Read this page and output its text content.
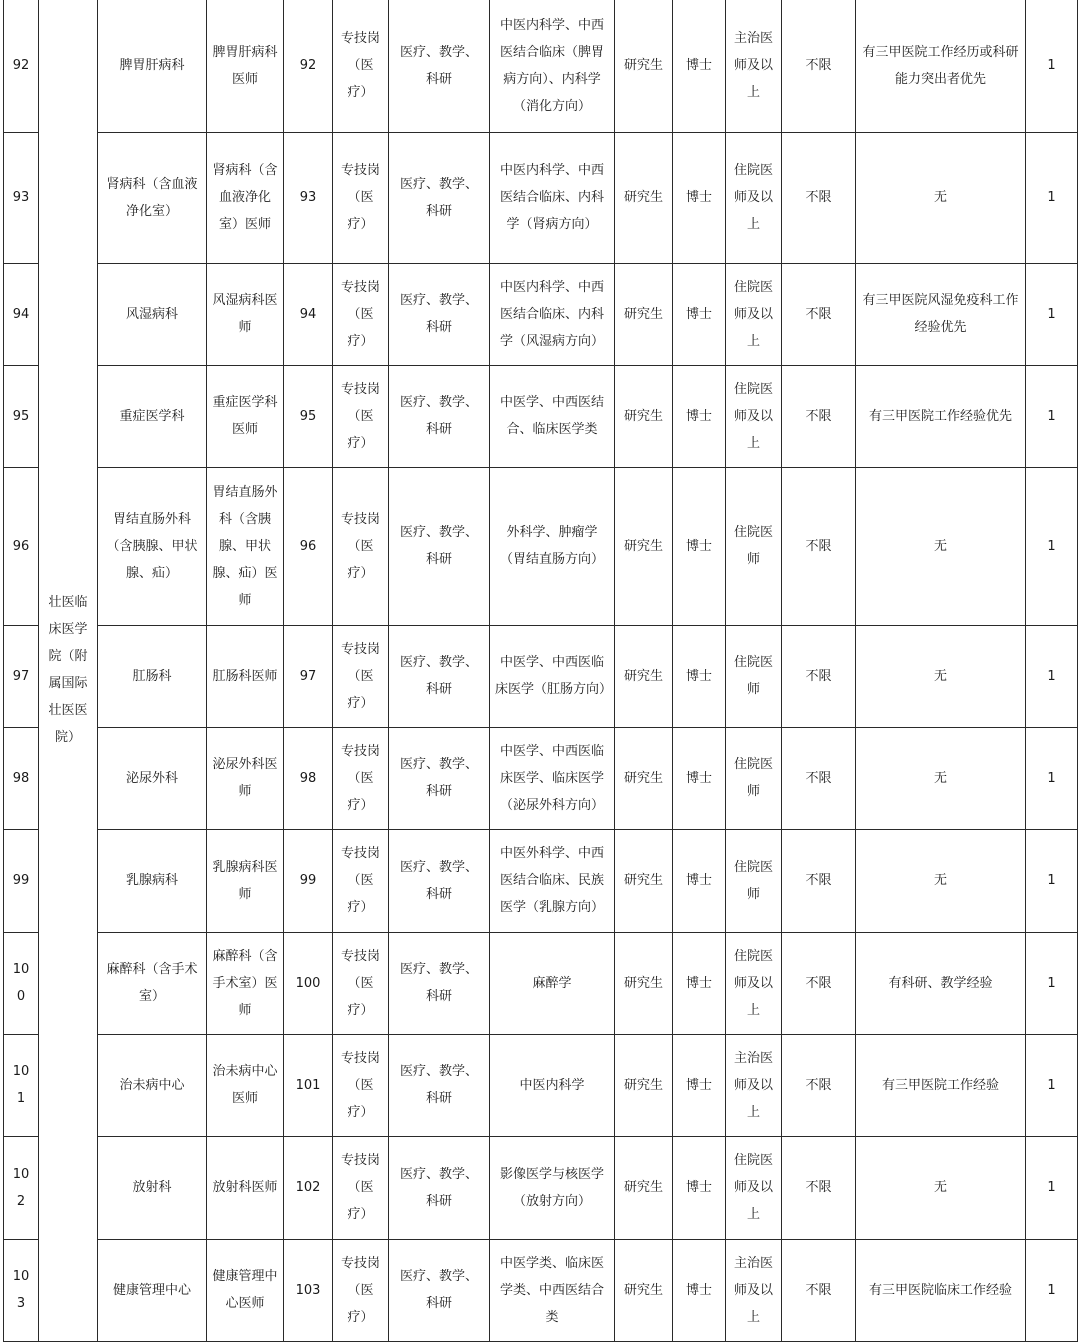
92	壮医临床医学院（附属国际壮医医院）	脾胃肝病科	脾胃肝病科医师	92	专技岗（医疗）	医疗、教学、科研	中医内科学、中西医结合临床（脾胃病方向）、内科学（消化方向）	研究生	博士	主治医师及以上	不限	有三甲医院工作经历或科研能力突出者优先	1
93		肾病科（含血液净化室）	肾病科（含血液净化室）医师	93	专技岗（医疗）	医疗、教学、科研	中医内科学、中西医结合临床、内科学（肾病方向）	研究生	博士	住院医师及以上	不限	无	1
94		风湿病科	风湿病科医师	94	专技岗（医疗）	医疗、教学、科研	中医内科学、中西医结合临床、内科学（风湿病方向）	研究生	博士	住院医师及以上	不限	有三甲医院风湿免疫科工作经验优先	1
95		重症医学科	重症医学科医师	95	专技岗（医疗）	医疗、教学、科研	中医学、中西医结合、临床医学类	研究生	博士	住院医师及以上	不限	有三甲医院工作经验优先	1
96		胃结直肠外科（含胰腺、甲状腺、疝）	胃结直肠外科（含胰腺、甲状腺、疝）医师	96	专技岗（医疗）	医疗、教学、科研	外科学、肿瘤学（胃结直肠方向）	研究生	博士	住院医师	不限	无	1
97		肛肠科	肛肠科医师	97	专技岗（医疗）	医疗、教学、科研	中医学、中西医临床医学（肛肠方向）	研究生	博士	住院医师	不限	无	1
98		泌尿外科	泌尿外科医师	98	专技岗（医疗）	医疗、教学、科研	中医学、中西医临床医学、临床医学（泌尿外科方向）	研究生	博士	住院医师	不限	无	1
99		乳腺病科	乳腺病科医师	99	专技岗（医疗）	医疗、教学、科研	中医外科学、中西医结合临床、民族医学（乳腺方向）	研究生	博士	住院医师	不限	无	1
100		麻醉科（含手术室）	麻醉科（含手术室）医师	100	专技岗（医疗）	医疗、教学、科研	麻醉学	研究生	博士	住院医师及以上	不限	有科研、教学经验	1
101		治未病中心	治未病中心医师	101	专技岗（医疗）	医疗、教学、科研	中医内科学	研究生	博士	主治医师及以上	不限	有三甲医院工作经验	1
102		放射科	放射科医师	102	专技岗（医疗）	医疗、教学、科研	影像医学与核医学（放射方向）	研究生	博士	住院医师及以上	不限	无	1
103		健康管理中心	健康管理中心医师	103	专技岗（医疗）	医疗、教学、科研	中医学类、临床医学类、中西医结合类	研究生	博士	主治医师及以上	不限	有三甲医院临床工作经验	1
